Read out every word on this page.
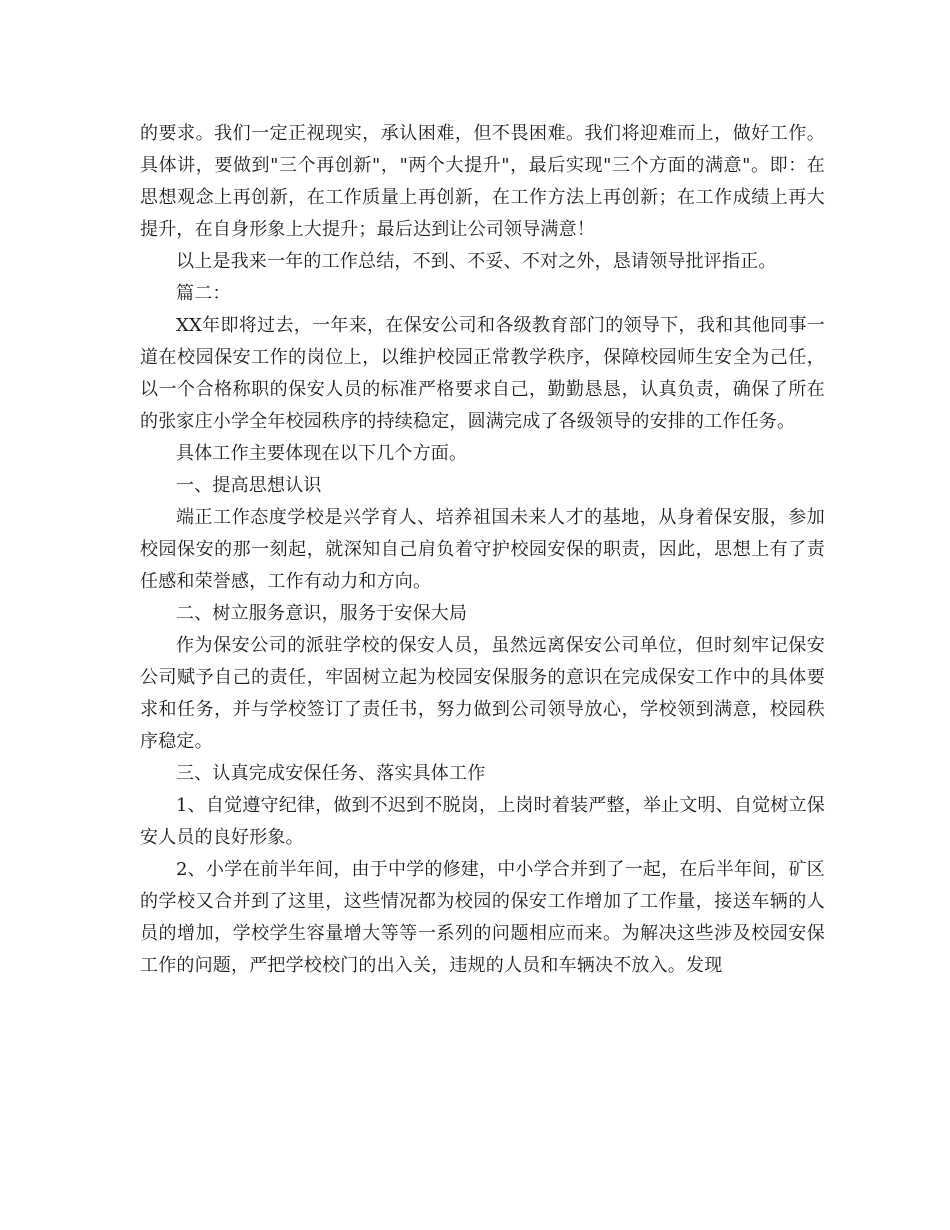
的要求。我们一定正视现实，承认困难，但不畏困难。我们将迎难而上，做好工作。具体讲，要做到"三个再创新"，"两个大提升"，最后实现"三个方面的满意"。即：在思想观念上再创新，在工作质量上再创新，在工作方法上再创新；在工作成绩上再大提升，在自身形象上大提升；最后达到让公司领导满意！

以上是我来一年的工作总结，不到、不妥、不对之外，恳请领导批评指正。

篇二：

XX年即将过去，一年来，在保安公司和各级教育部门的领导下，我和其他同事一道在校园保安工作的岗位上，以维护校园正常教学秩序，保障校园师生安全为己任，以一个合格称职的保安人员的标准严格要求自己，勤勤恳恳，认真负责，确保了所在的张家庄小学全年校园秩序的持续稳定，圆满完成了各级领导的安排的工作任务。

具体工作主要体现在以下几个方面。

一、提高思想认识

端正工作态度学校是兴学育人、培养祖国未来人才的基地，从身着保安服，参加校园保安的那一刻起，就深知自己肩负着守护校园安保的职责，因此，思想上有了责任感和荣誉感，工作有动力和方向。

二、树立服务意识，服务于安保大局

作为保安公司的派驻学校的保安人员，虽然远离保安公司单位，但时刻牢记保安公司赋予自己的责任，牢固树立起为校园安保服务的意识在完成保安工作中的具体要求和任务，并与学校签订了责任书，努力做到公司领导放心，学校领到满意，校园秩序稳定。

三、认真完成安保任务、落实具体工作

1、自觉遵守纪律，做到不迟到不脱岗，上岗时着装严整，举止文明、自觉树立保安人员的良好形象。

2、小学在前半年间，由于中学的修建，中小学合并到了一起，在后半年间，矿区的学校又合并到了这里，这些情况都为校园的保安工作增加了工作量，接送车辆的人员的增加，学校学生容量增大等等一系列的问题相应而来。为解决这些涉及校园安保工作的问题，严把学校校门的出入关，违规的人员和车辆决不放入。发现
